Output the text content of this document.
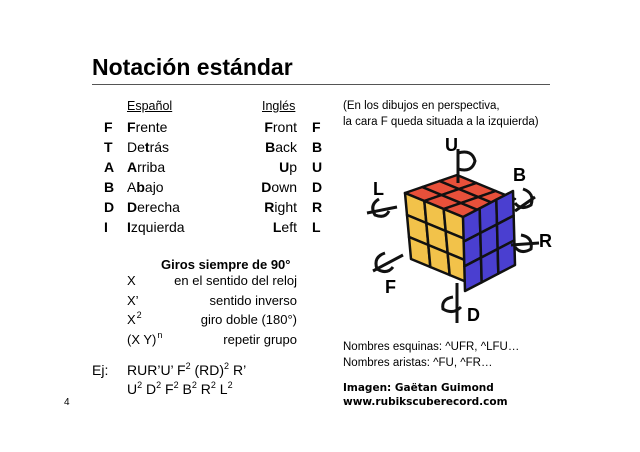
Notación estándar
Español	Inglés
F Frente	Front F
T Detrás	Back B
A Arriba	Up U
B Abajo	Down D
D Derecha	Right R
I Izquierda	Left L
Giros siempre de 90°
X	en el sentido del reloj
X’	sentido inverso
$X^2$	giro doble (180°)
(X Y)$^n$	repetir grupo
Ej: RUR’U’ $F^2$ (RD)$^2$ R’
$U^2$ $D^2$ $F^2$ $B^2$ $R^2$ $L^2$
4
(En los dibujos en perspectiva,
la cara F queda situada a la izquierda)
U
B
L
R
F
D
Nombres esquinas: ^UFR, ^LFU…
Nombres aristas: ^FU, ^FR…
Imagen: Gaëtan Guimond
www.rubikscuberecord.com
